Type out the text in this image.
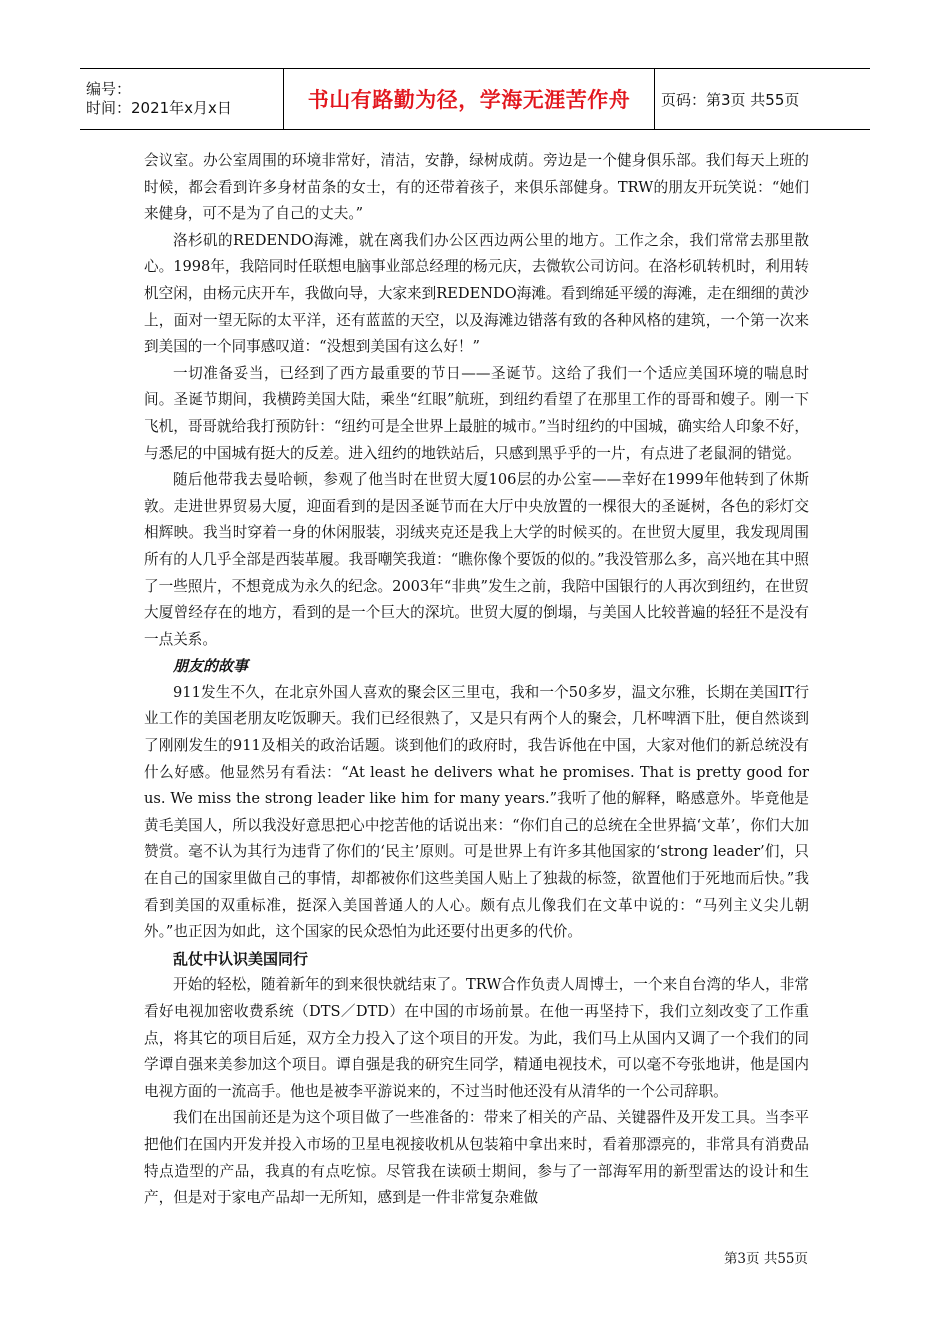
编号：
时间：2021年x月x日	书山有路勤为径，学海无涯苦作舟	页码：第3页 共55页

会议室。办公室周围的环境非常好，清洁，安静，绿树成荫。旁边是一个健身俱乐部。我们每天上班的时候，都会看到许多身材苗条的女士，有的还带着孩子，来俱乐部健身。TRW的朋友开玩笑说：“她们来健身，可不是为了自己的丈夫。”

洛杉矶的REDENDO海滩，就在离我们办公区西边两公里的地方。工作之余，我们常常去那里散心。1998年，我陪同时任联想电脑事业部总经理的杨元庆，去微软公司访问。在洛杉矶转机时，利用转机空闲，由杨元庆开车，我做向导，大家来到REDENDO海滩。看到绵延平缓的海滩，走在细细的黄沙上，面对一望无际的太平洋，还有蓝蓝的天空，以及海滩边错落有致的各种风格的建筑，一个第一次来到美国的一个同事感叹道：“没想到美国有这么好！”

一切准备妥当，已经到了西方最重要的节日——圣诞节。这给了我们一个适应美国环境的喘息时间。圣诞节期间，我横跨美国大陆，乘坐“红眼”航班，到纽约看望了在那里工作的哥哥和嫂子。刚一下飞机，哥哥就给我打预防针：“纽约可是全世界上最脏的城市。”当时纽约的中国城，确实给人印象不好，与悉尼的中国城有挺大的反差。进入纽约的地铁站后，只感到黑乎乎的一片，有点进了老鼠洞的错觉。

随后他带我去曼哈顿，参观了他当时在世贸大厦106层的办公室——幸好在1999年他转到了休斯敦。走进世界贸易大厦，迎面看到的是因圣诞节而在大厅中央放置的一棵很大的圣诞树，各色的彩灯交相辉映。我当时穿着一身的休闲服装，羽绒夹克还是我上大学的时候买的。在世贸大厦里，我发现周围所有的人几乎全部是西装革履。我哥嘲笑我道：“瞧你像个要饭的似的。”我没管那么多，高兴地在其中照了一些照片，不想竟成为永久的纪念。2003年“非典”发生之前，我陪中国银行的人再次到纽约，在世贸大厦曾经存在的地方，看到的是一个巨大的深坑。世贸大厦的倒塌，与美国人比较普遍的轻狂不是没有一点关系。

朋友的故事

911发生不久，在北京外国人喜欢的聚会区三里屯，我和一个50多岁，温文尔雅，长期在美国IT行业工作的美国老朋友吃饭聊天。我们已经很熟了，又是只有两个人的聚会，几杯啤酒下肚，便自然谈到了刚刚发生的911及相关的政治话题。谈到他们的政府时，我告诉他在中国，大家对他们的新总统没有什么好感。他显然另有看法：“At least he delivers what he promises. That is pretty good for us. We miss the strong leader like him for many years.”我听了他的解释，略感意外。毕竟他是黄毛美国人，所以我没好意思把心中挖苦他的话说出来：“你们自己的总统在全世界搞‘文革’，你们大加赞赏。毫不认为其行为违背了你们的‘民主’原则。可是世界上有许多其他国家的‘strong leader’们，只在自己的国家里做自己的事情，却都被你们这些美国人贴上了独裁的标签，欲置他们于死地而后快。”我看到美国的双重标准，挺深入美国普通人的人心。颇有点儿像我们在文革中说的：“马列主义尖儿朝外。”也正因为如此，这个国家的民众恐怕为此还要付出更多的代价。

乱仗中认识美国同行

开始的轻松，随着新年的到来很快就结束了。TRW合作负责人周博士，一个来自台湾的华人，非常看好电视加密收费系统（DTS／DTD）在中国的市场前景。在他一再坚持下，我们立刻改变了工作重点，将其它的项目后延，双方全力投入了这个项目的开发。为此，我们马上从国内又调了一个我们的同学谭自强来美参加这个项目。谭自强是我的研究生同学，精通电视技术，可以毫不夸张地讲，他是国内电视方面的一流高手。他也是被李平游说来的，不过当时他还没有从清华的一个公司辞职。

我们在出国前还是为这个项目做了一些准备的：带来了相关的产品、关键器件及开发工具。当李平把他们在国内开发并投入市场的卫星电视接收机从包装箱中拿出来时，看着那漂亮的，非常具有消费品特点造型的产品，我真的有点吃惊。尽管我在读硕士期间，参与了一部海军用的新型雷达的设计和生产，但是对于家电产品却一无所知，感到是一件非常复杂难做

第3页 共55页
